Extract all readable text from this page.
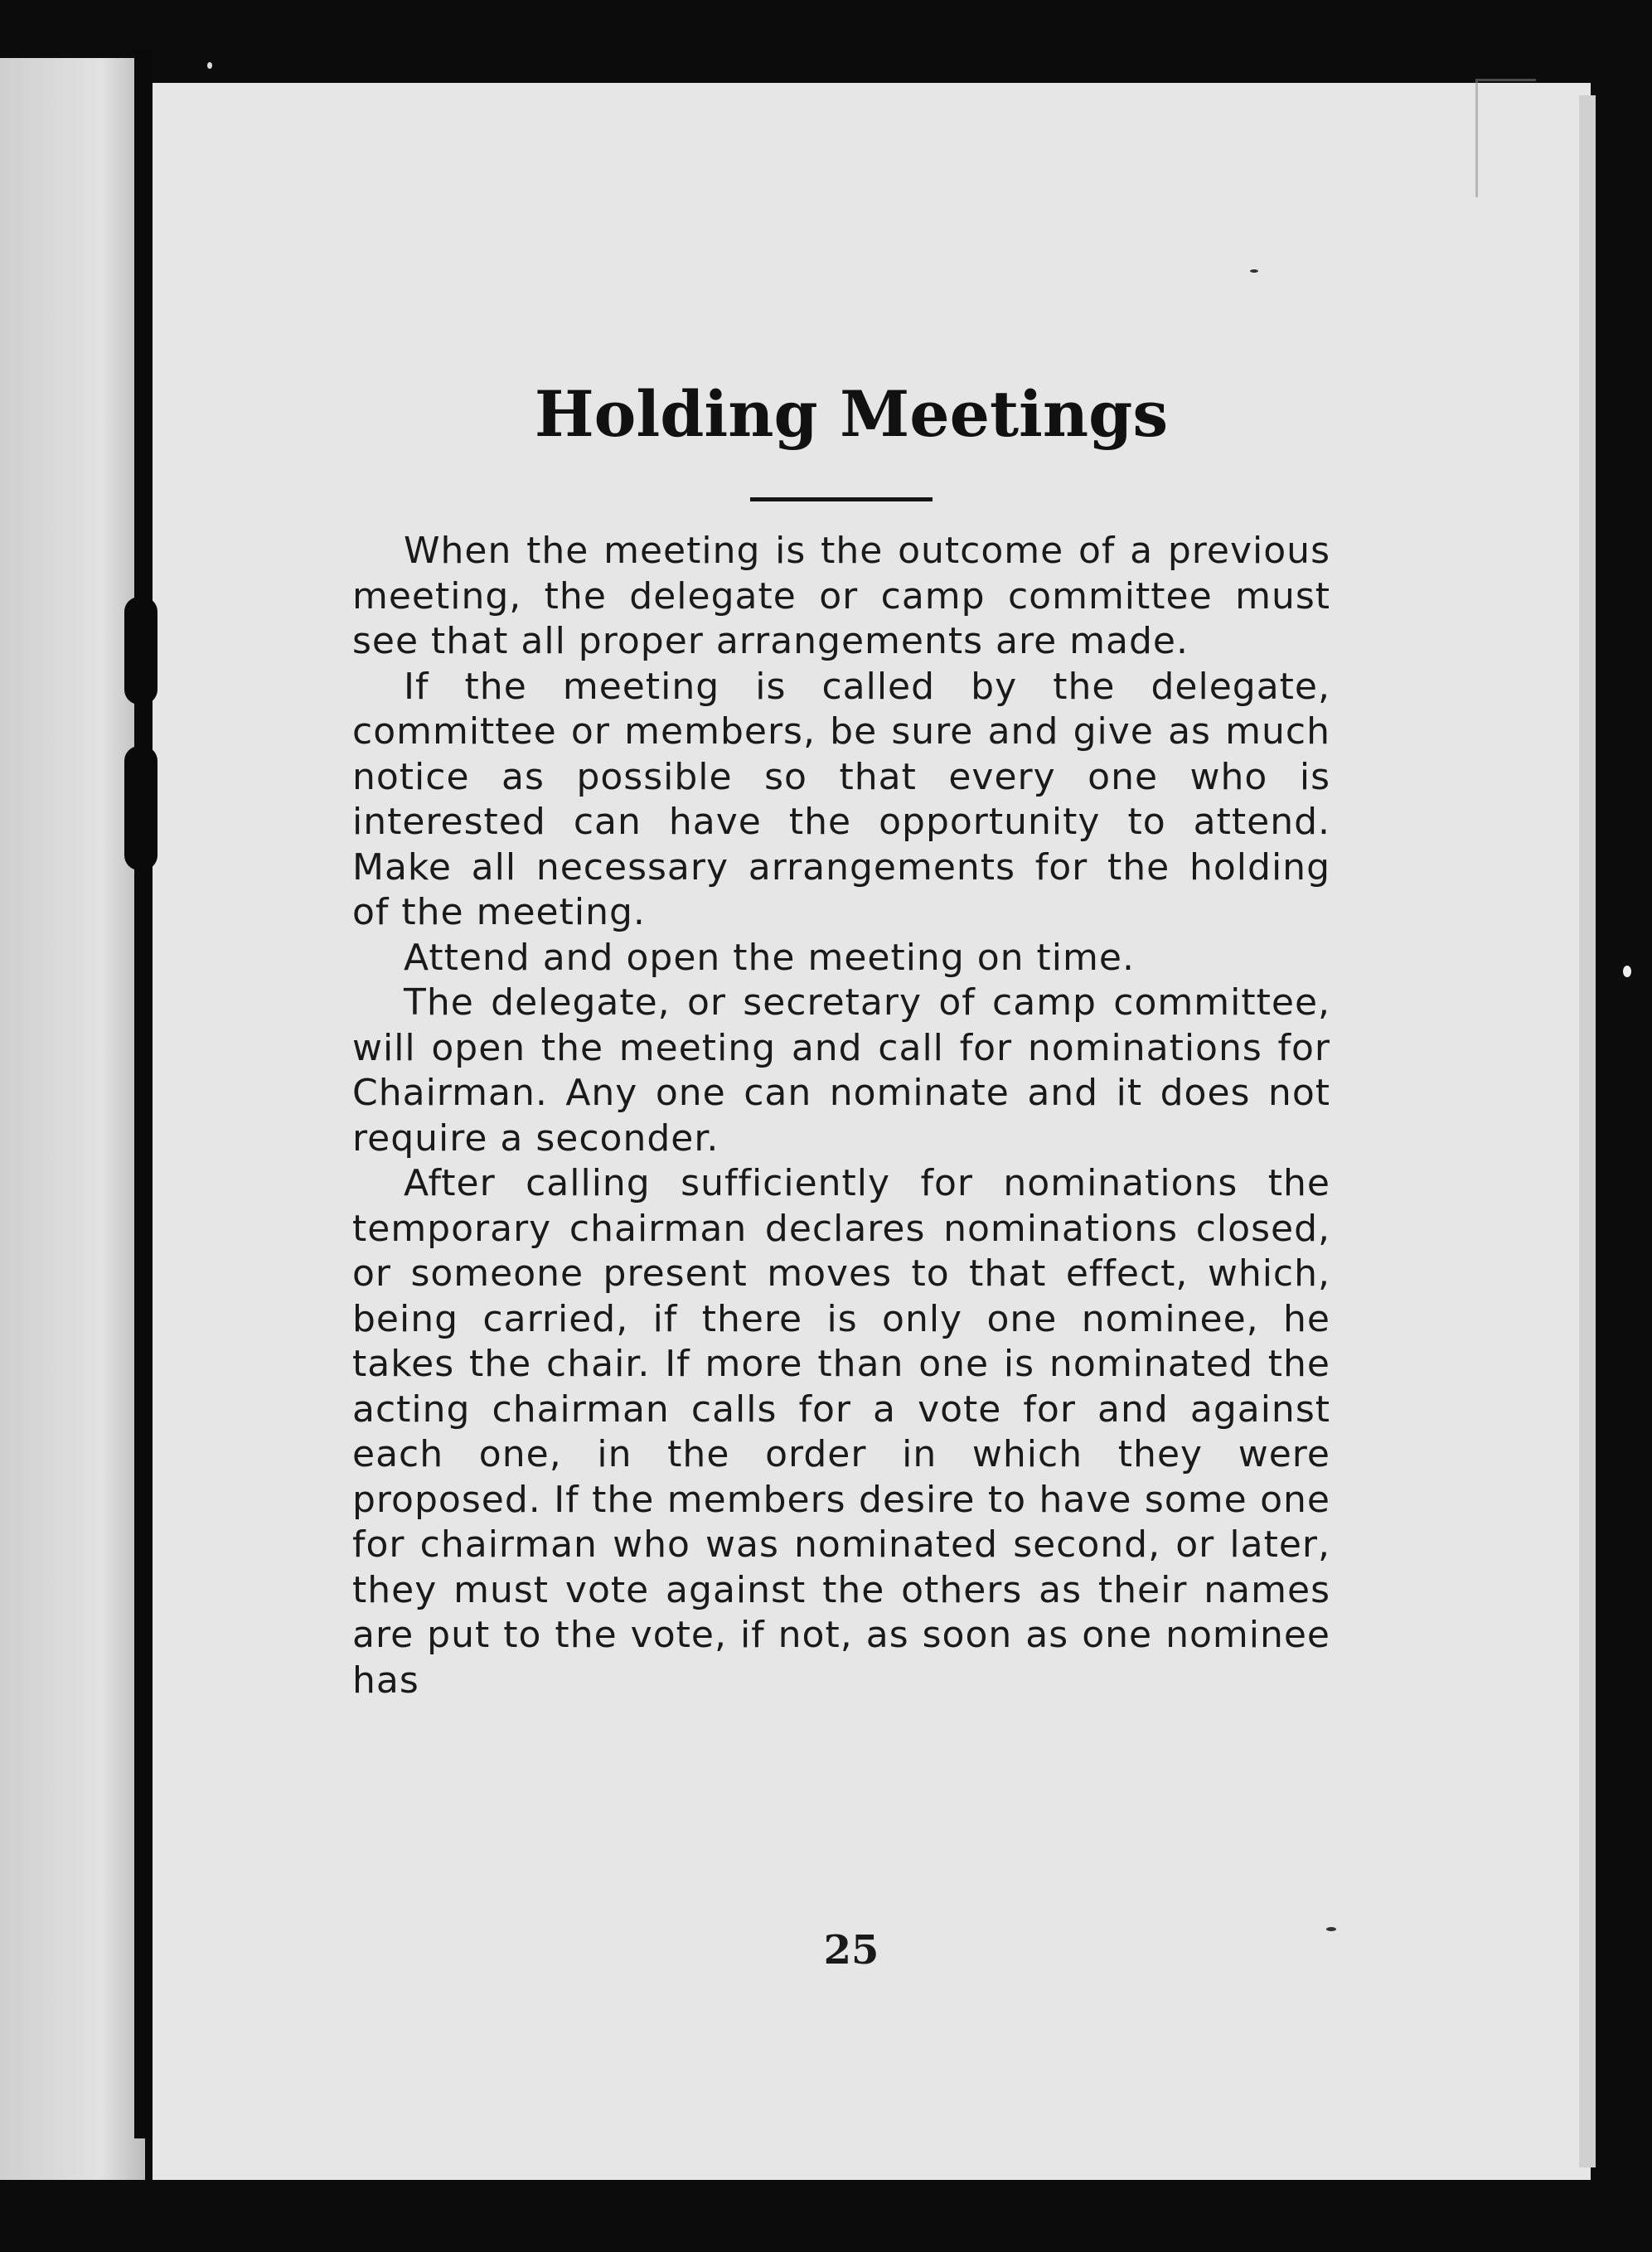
Holding Meetings

When the meeting is the outcome of a previous meeting, the delegate or camp committee must see that all proper arrangements are made.

If the meeting is called by the delegate, committee or members, be sure and give as much notice as possible so that every one who is interested can have the opportunity to attend. Make all necessary arrangements for the holding of the meeting.

Attend and open the meeting on time.

The delegate, or secretary of camp committee, will open the meeting and call for nominations for Chairman. Any one can nominate and it does not require a seconder.

After calling sufficiently for nominations the temporary chairman declares nominations closed, or someone present moves to that effect, which, being carried, if there is only one nominee, he takes the chair. If more than one is nominated the acting chairman calls for a vote for and against each one, in the order in which they were proposed. If the members desire to have some one for chairman who was nominated second, or later, they must vote against the others as their names are put to the vote, if not, as soon as one nominee has

25
